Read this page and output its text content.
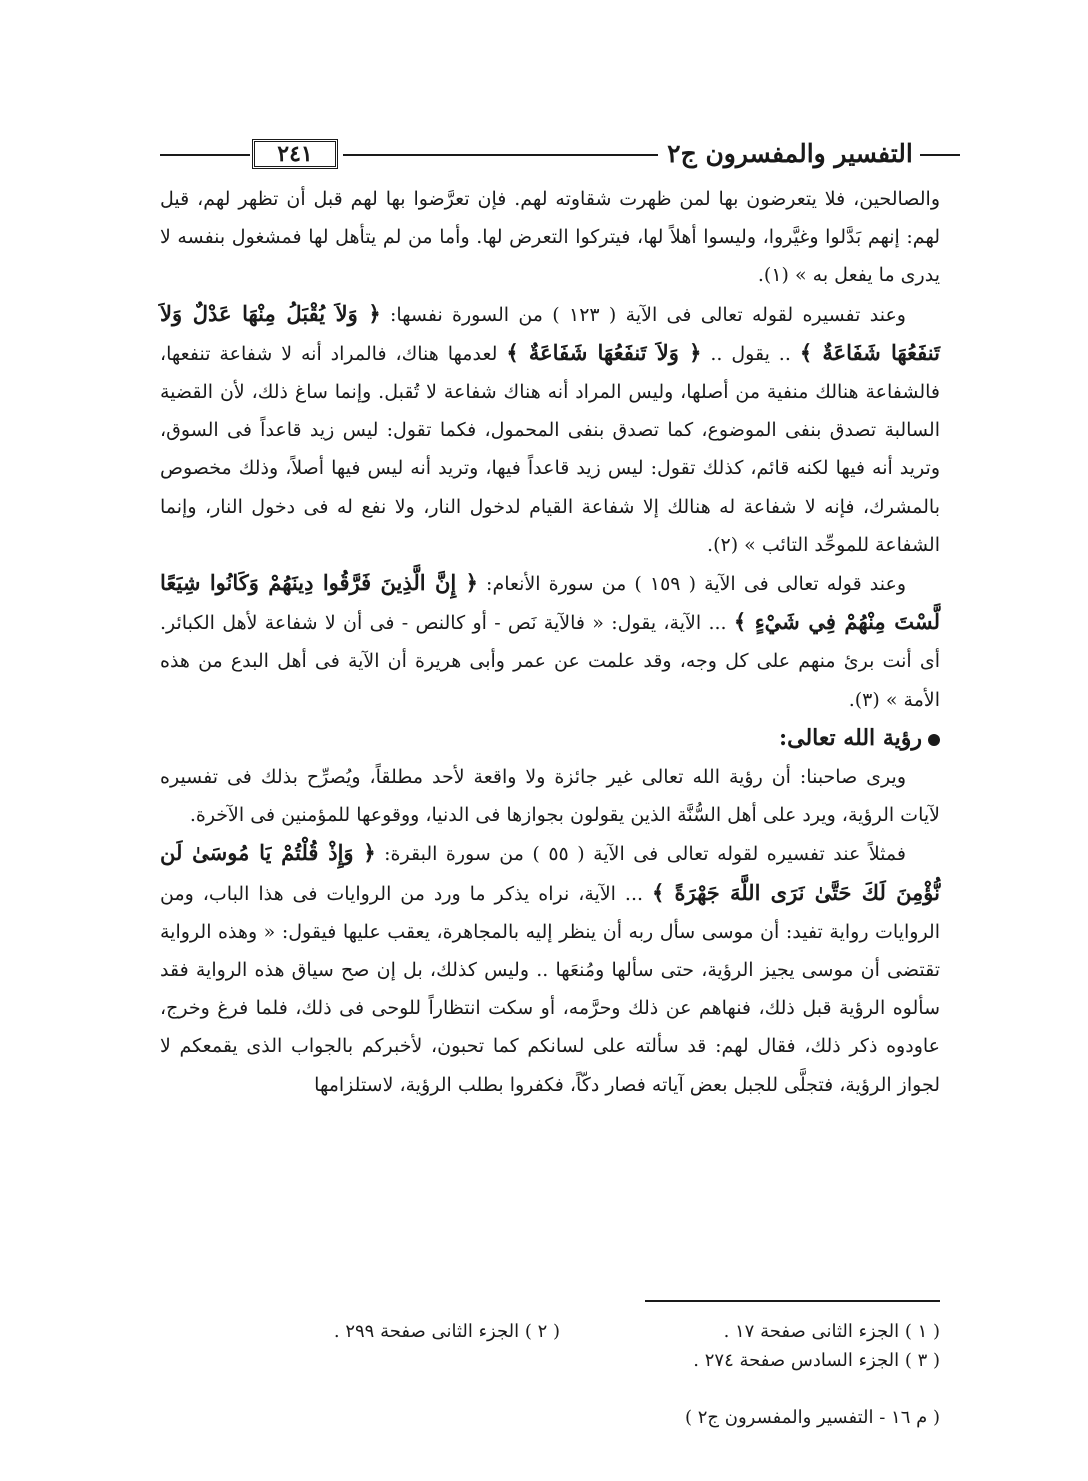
٢٤١	التفسير والمفسرون ج٢

والصالحين، فلا يتعرضون بها لمن ظهرت شقاوته لهم. فإن تعرَّضوا بها لهم قبل أن تظهر لهم، قيل لهم: إنهم بَدَّلوا وغيَّروا، وليسوا أهلاً لها، فيتركوا التعرض لها. وأما من لم يتأهل لها فمشغول بنفسه لا يدرى ما يفعل به » (١).

وعند تفسيره لقوله تعالى فى الآية ( ١٢٣ ) من السورة نفسها: ﴿ وَلاَ يُقْبَلُ مِنْهَا عَدْلٌ وَلاَ تَنفَعُهَا شَفَاعَةٌ ﴾ .. يقول .. ﴿ وَلاَ تَنفَعُهَا شَفَاعَةٌ ﴾ لعدمها هناك، فالمراد أنه لا شفاعة تنفعها، فالشفاعة هنالك منفية من أصلها، وليس المراد أنه هناك شفاعة لا تُقبل. وإنما ساغ ذلك، لأن القضية السالبة تصدق بنفى الموضوع، كما تصدق بنفى المحمول، فكما تقول: ليس زيد قاعداً فى السوق، وتريد أنه فيها لكنه قائم، كذلك تقول: ليس زيد قاعداً فيها، وتريد أنه ليس فيها أصلاً، وذلك مخصوص بالمشرك، فإنه لا شفاعة له هنالك إلا شفاعة القيام لدخول النار، ولا نفع له فى دخول النار، وإنما الشفاعة للموحِّد التائب » (٢).

وعند قوله تعالى فى الآية ( ١٥٩ ) من سورة الأنعام: ﴿ إِنَّ الَّذِينَ فَرَّقُوا دِينَهُمْ وَكَانُوا شِيَعًا لَّسْتَ مِنْهُمْ فِي شَيْءٍ ﴾ ... الآية، يقول: « فالآية نَص - أو كالنص - فى أن لا شفاعة لأهل الكبائر. أى أنت برئ منهم على كل وجه، وقد علمت عن عمر وأبى هريرة أن الآية فى أهل البدع من هذه الأمة » (٣).

رؤية الله تعالى:

ويرى صاحبنا: أن رؤية الله تعالى غير جائزة ولا واقعة لأحد مطلقاً، ويُصرِّح بذلك فى تفسيره لآيات الرؤية، ويرد على أهل السُّنَّة الذين يقولون بجوازها فى الدنيا، ووقوعها للمؤمنين فى الآخرة.

فمثلاً عند تفسيره لقوله تعالى فى الآية ( ٥٥ ) من سورة البقرة: ﴿ وَإِذْ قُلْتُمْ يَا مُوسَىٰ لَن نُّؤْمِنَ لَكَ حَتَّىٰ نَرَى اللَّهَ جَهْرَةً ﴾ ... الآية، نراه يذكر ما ورد من الروايات فى هذا الباب، ومن الروايات رواية تفيد: أن موسى سأل ربه أن ينظر إليه بالمجاهرة، يعقب عليها فيقول: « وهذه الرواية تقتضى أن موسى يجيز الرؤية، حتى سألها ومُنعَها .. وليس كذلك، بل إن صح سياق هذه الرواية فقد سألوه الرؤية قبل ذلك، فنهاهم عن ذلك وحرَّمه، أو سكت انتظاراً للوحى فى ذلك، فلما فرغ وخرج، عاودوه ذكر ذلك، فقال لهم: قد سألته على لسانكم كما تحبون، لأخبركم بالجواب الذى يقمعكم لا لجواز الرؤية، فتجلَّى للجبل بعض آياته فصار دكّاً، فكفروا بطلب الرؤية، لاستلزامها

( ١ ) الجزء الثانى صفحة ١٧ .
( ٢ ) الجزء الثانى صفحة ٢٩٩ .
( ٣ ) الجزء السادس صفحة ٢٧٤ .
( م ١٦ - التفسير والمفسرون ج٢ )
